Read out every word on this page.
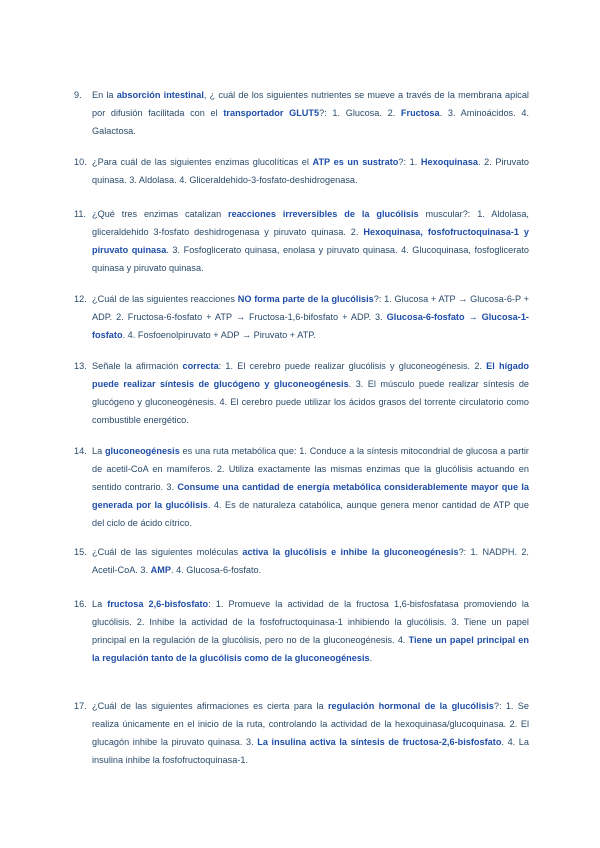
9. En la absorción intestinal, ¿ cuál de los siguientes nutrientes se mueve a través de la membrana apical por difusión facilitada con el transportador GLUT5?: 1. Glucosa. 2. Fructosa. 3. Aminoácidos. 4. Galactosa.
10. ¿Para cuál de las siguientes enzimas glucolíticas el ATP es un sustrato?: 1. Hexoquinasa. 2. Piruvato quinasa. 3. Aldolasa. 4. Gliceraldehido-3-fosfato-deshidrogenasa.
11. ¿Qué tres enzimas catalizan reacciones irreversibles de la glucólisis muscular?: 1. Aldolasa, gliceraldehido 3-fosfato deshidrogenasa y piruvato quinasa. 2. Hexoquinasa, fosfofructoquinasa-1 y piruvato quinasa. 3. Fosfoglicerato quinasa, enolasa y piruvato quinasa. 4. Glucoquinasa, fosfoglicerato quinasa y piruvato quinasa.
12. ¿Cuál de las siguientes reacciones NO forma parte de la glucólisis?: 1. Glucosa + ATP → Glucosa-6-P + ADP. 2. Fructosa-6-fosfato + ATP → Fructosa-1,6-bifosfato + ADP. 3. Glucosa-6-fosfato → Glucosa-1-fosfato. 4. Fosfoenolpiruvato + ADP → Piruvato + ATP.
13. Señale la afirmación correcta: 1. El cerebro puede realizar glucólisis y gluconeogénesis. 2. El hígado puede realizar síntesis de glucógeno y gluconeogénesis. 3. El músculo puede realizar síntesis de glucógeno y gluconeogénesis. 4. El cerebro puede utilizar los ácidos grasos del torrente circulatorio como combustible energético.
14. La gluconeogénesis es una ruta metabólica que: 1. Conduce a la síntesis mitocondrial de glucosa a partir de acetil-CoA en mamíferos. 2. Utiliza exactamente las mismas enzimas que la glucólisis actuando en sentido contrario. 3. Consume una cantidad de energía metabólica considerablemente mayor que la generada por la glucólisis. 4. Es de naturaleza catabólica, aunque genera menor cantidad de ATP que del ciclo de ácido cítrico.
15. ¿Cuál de las siguientes moléculas activa la glucólisis e inhibe la gluconeogénesis?: 1. NADPH. 2. Acetil-CoA. 3. AMP. 4. Glucosa-6-fosfato.
16. La fructosa 2,6-bisfosfato: 1. Promueve la actividad de la fructosa 1,6-bisfosfatasa promoviendo la glucólisis. 2. Inhibe la actividad de la fosfofructoquinasa-1 inhibiendo la glucólisis. 3. Tiene un papel principal en la regulación de la glucólisis, pero no de la gluconeogénesis. 4. Tiene un papel principal en la regulación tanto de la glucólisis como de la gluconeogénesis.
17. ¿Cuál de las siguientes afirmaciones es cierta para la regulación hormonal de la glucólisis?: 1. Se realiza únicamente en el inicio de la ruta, controlando la actividad de la hexoquinasa/glucoquinasa. 2. El glucagón inhibe la piruvato quinasa. 3. La insulina activa la síntesis de fructosa-2,6-bisfosfato. 4. La insulina inhibe la fosfofructoquinasa-1.
